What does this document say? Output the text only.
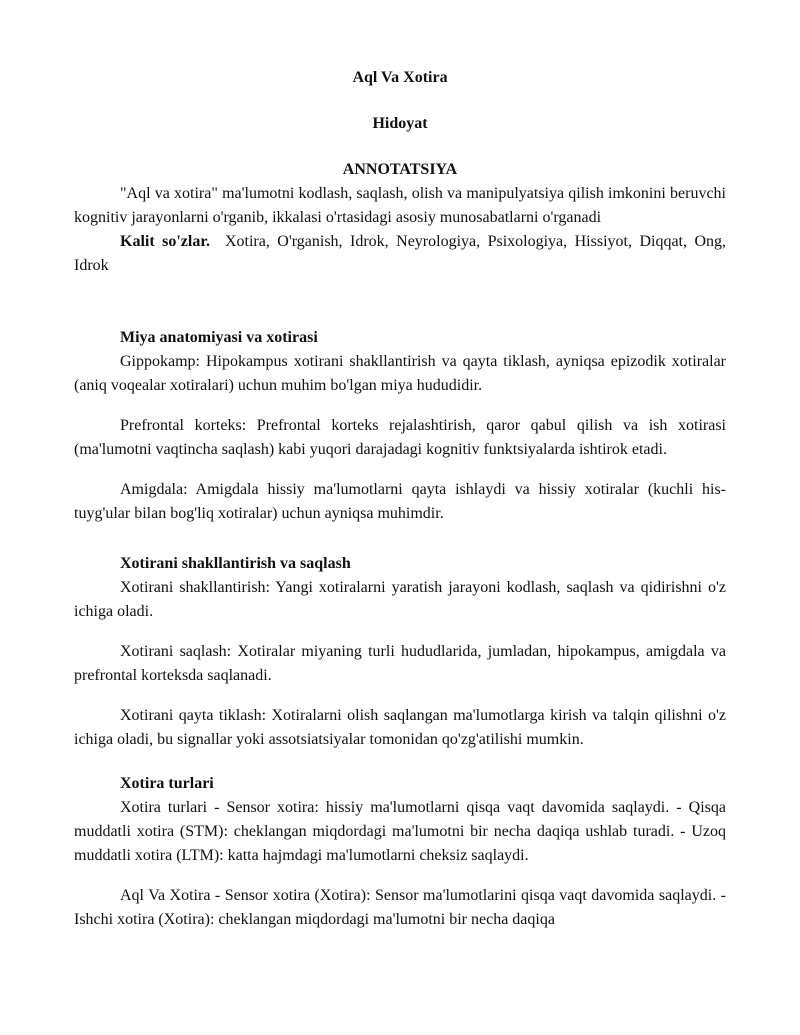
Aql Va Xotira

Hidoyat

ANNOTATSIYA

"Aql va xotira" ma'lumotni kodlash, saqlash, olish va manipulyatsiya qilish imkonini beruvchi kognitiv jarayonlarni o'rganib, ikkalasi o'rtasidagi asosiy munosabatlarni o'rganadi

Kalit so'zlar. Xotira, O'rganish, Idrok, Neyrologiya, Psixologiya, Hissiyot, Diqqat, Ong, Idrok

Miya anatomiyasi va xotirasi

Gippokamp: Hipokampus xotirani shakllantirish va qayta tiklash, ayniqsa epizodik xotiralar (aniq voqealar xotiralari) uchun muhim bo'lgan miya hududidir.

Prefrontal korteks: Prefrontal korteks rejalashtirish, qaror qabul qilish va ish xotirasi (ma'lumotni vaqtincha saqlash) kabi yuqori darajadagi kognitiv funktsiyalarda ishtirok etadi.

Amigdala: Amigdala hissiy ma'lumotlarni qayta ishlaydi va hissiy xotiralar (kuchli his-tuyg'ular bilan bog'liq xotiralar) uchun ayniqsa muhimdir.

Xotirani shakllantirish va saqlash

Xotirani shakllantirish: Yangi xotiralarni yaratish jarayoni kodlash, saqlash va qidirishni o'z ichiga oladi.

Xotirani saqlash: Xotiralar miyaning turli hududlarida, jumladan, hipokampus, amigdala va prefrontal korteksda saqlanadi.

Xotirani qayta tiklash: Xotiralarni olish saqlangan ma'lumotlarga kirish va talqin qilishni o'z ichiga oladi, bu signallar yoki assotsiatsiyalar tomonidan qo'zg'atilishi mumkin.

Xotira turlari

Xotira turlari - Sensor xotira: hissiy ma'lumotlarni qisqa vaqt davomida saqlaydi. - Qisqa muddatli xotira (STM): cheklangan miqdordagi ma'lumotni bir necha daqiqa ushlab turadi. - Uzoq muddatli xotira (LTM): katta hajmdagi ma'lumotlarni cheksiz saqlaydi.

Aql Va Xotira - Sensor xotira (Xotira): Sensor ma'lumotlarini qisqa vaqt davomida saqlaydi. - Ishchi xotira (Xotira): cheklangan miqdordagi ma'lumotni bir necha daqiqa
